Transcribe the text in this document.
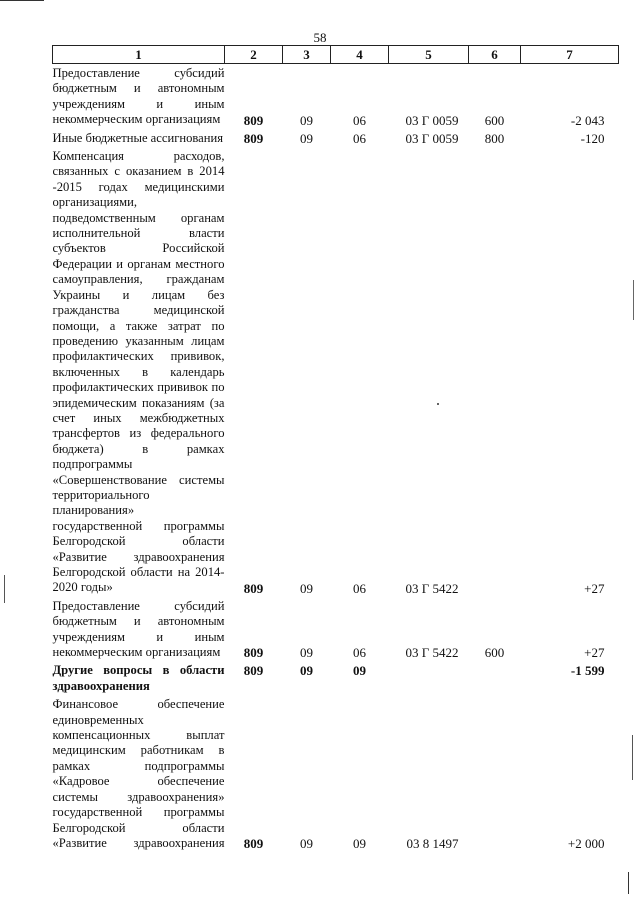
58
1	2	3	4	5	6	7
Предоставление субсидий бюджетным и автономным учреждениям и иным некоммерческим организациям	809	09	06	03 Г 0059	600	-2 043
Иные бюджетные ассигнования	809	09	06	03 Г 0059	800	-120
Компенсация расходов, связанных с оказанием в 2014 -2015 годах медицинскими организациями, подведомственным органам исполнительной власти субъектов Российской Федерации и органам местного самоуправления, гражданам Украины и лицам без гражданства медицинской помощи, а также затрат по проведению указанным лицам профилактических прививок, включенных в календарь профилактических прививок по эпидемическим показаниям (за счет иных межбюджетных трансфертов из федерального бюджета) в рамках подпрограммы «Совершенствование системы территориального планирования» государственной программы Белгородской области «Развитие здравоохранения Белгородской области на 2014-2020 годы»	809	09	06	03 Г 5422		+27
Предоставление субсидий бюджетным и автономным учреждениям и иным некоммерческим организациям	809	09	06	03 Г 5422	600	+27
Другие вопросы в области здравоохранения	809	09	09			-1 599
Финансовое обеспечение единовременных компенсационных выплат медицинским работникам в рамках подпрограммы «Кадровое обеспечение системы здравоохранения» государственной программы Белгородской области «Развитие здравоохранения	809	09	09	03 8 1497		+2 000
